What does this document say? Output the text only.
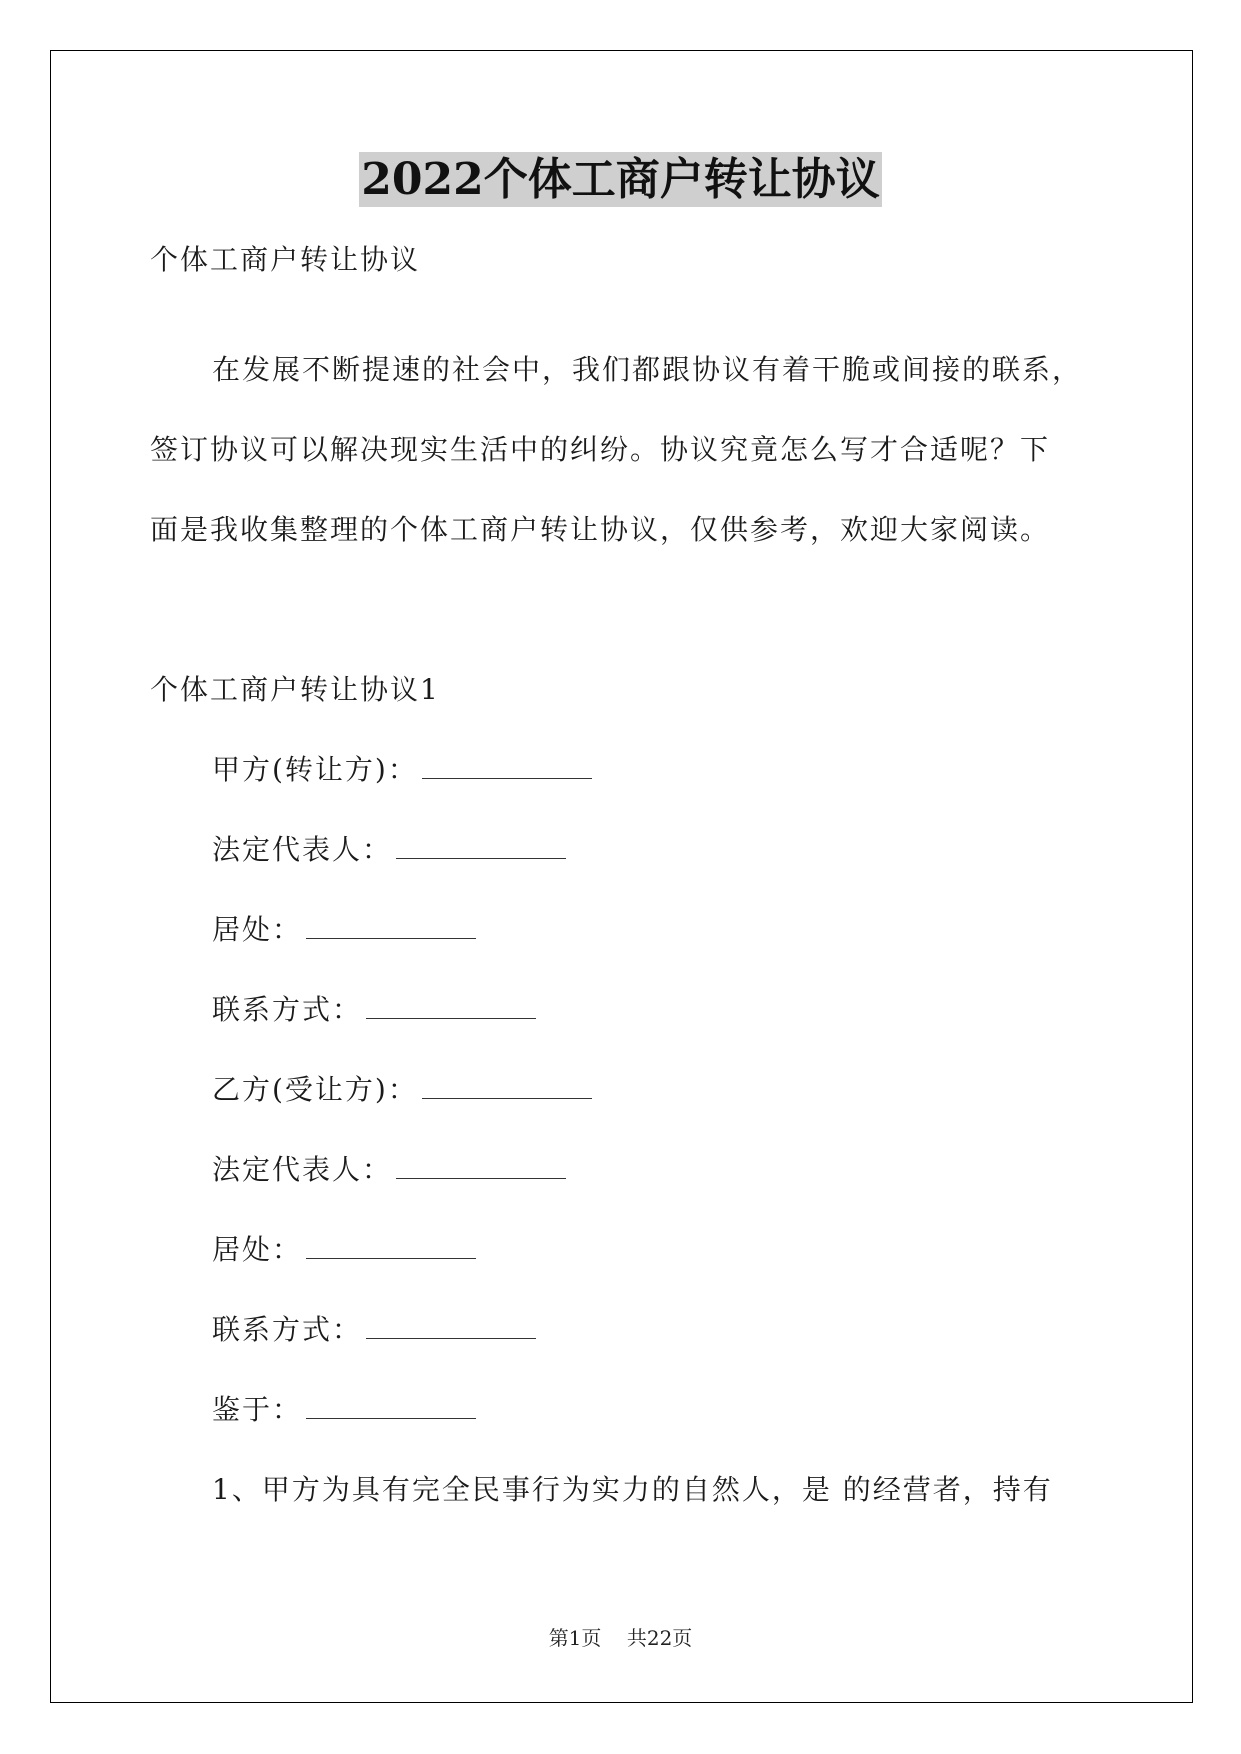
2022个体工商户转让协议
个体工商户转让协议
在发展不断提速的社会中，我们都跟协议有着干脆或间接的联系，
签订协议可以解决现实生活中的纠纷。协议究竟怎么写才合适呢？下
面是我收集整理的个体工商户转让协议，仅供参考，欢迎大家阅读。
个体工商户转让协议1
甲方(转让方)：
法定代表人：
居处：
联系方式：
乙方(受让方)：
法定代表人：
居处：
联系方式：
鉴于：
1、甲方为具有完全民事行为实力的自然人，是 的经营者，持有
第1页    共22页
